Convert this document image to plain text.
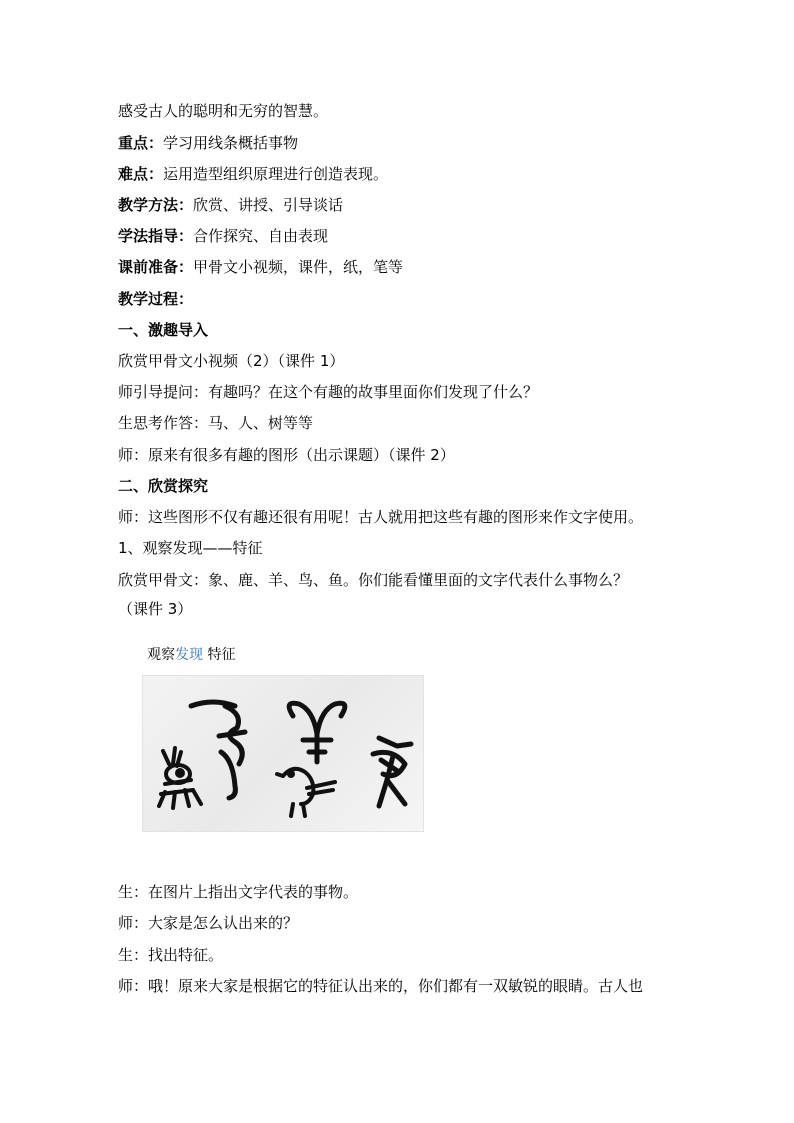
感受古人的聪明和无穷的智慧。
重点：学习用线条概括事物
难点：运用造型组织原理进行创造表现。
教学方法：欣赏、讲授、引导谈话
学法指导：合作探究、自由表现
课前准备：甲骨文小视频，课件，纸，笔等
教学过程：
一、激趣导入
欣赏甲骨文小视频（2）（课件 1）
师引导提问：有趣吗？在这个有趣的故事里面你们发现了什么？
生思考作答：马、人、树等等
师：原来有很多有趣的图形（出示课题）（课件 2）
二、欣赏探究
师：这些图形不仅有趣还很有用呢！古人就用把这些有趣的图形来作文字使用。
1、观察发现——特征
欣赏甲骨文：象、鹿、羊、鸟、鱼。你们能看懂里面的文字代表什么事物么？
（课件 3）
观察发现 特征
生：在图片上指出文字代表的事物。
师：大家是怎么认出来的？
生：找出特征。
师：哦！原来大家是根据它的特征认出来的，你们都有一双敏锐的眼睛。古人也
